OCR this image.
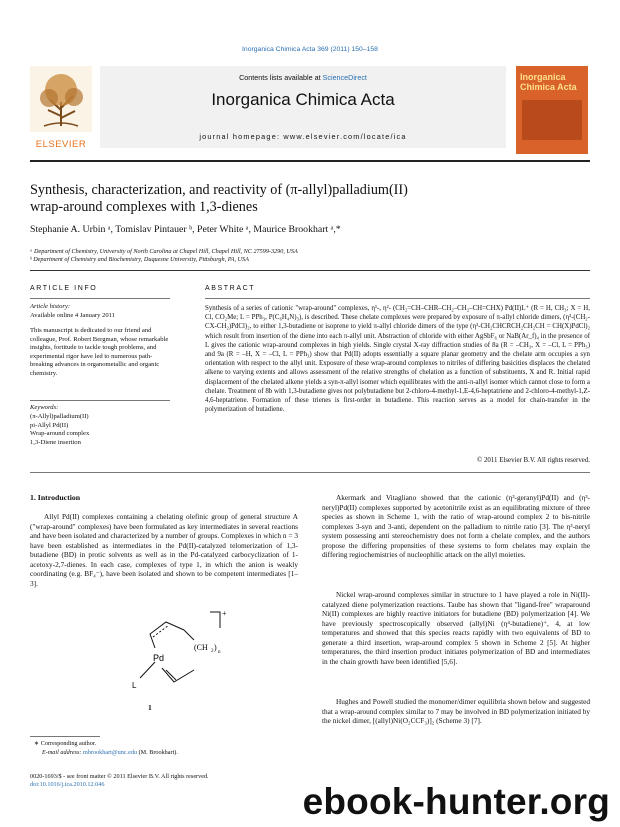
Inorganica Chimica Acta 369 (2011) 150–158
ELSEVIER
Contents lists available at ScienceDirect
Inorganica Chimica Acta
journal homepage: www.elsevier.com/locate/ica
Inorganica
Chimica Acta
Synthesis, characterization, and reactivity of (π-allyl)palladium(II)
wrap-around complexes with 1,3-dienes
Stephanie A. Urbin ᵃ, Tomislav Pintauer ᵇ, Peter White ᵃ, Maurice Brookhart ᵃ,*
ᵃ Department of Chemistry, University of North Carolina at Chapel Hill, Chapel Hill, NC 27599-3290, USA
ᵇ Department of Chemistry and Biochemistry, Duquesne University, Pittsburgh, PA, USA
ARTICLE INFO
Article history:
Available online 4 January 2011
This manuscript is dedicated to our friend and colleague, Prof. Robert Bergman, whose remarkable insights, fortitude to tackle tough problems, and experimental rigor have led to numerous path-breaking advances in organometallic and organic chemistry.
Keywords:
(π-Allyl)palladium(II)
pi-Allyl Pd(II)
Wrap-around complex
1,3-Diene insertion
ABSTRACT
Synthesis of a series of cationic "wrap-around" complexes, η¹-, η²- (CH₂=CH–CHR–CH₂–CH₂–CH=CHX) Pd(II)L⁺ (R = H, CH₃; X = H, Cl, CO₂Me; L = PPh₃, P(C₆H₄N)₃), is described. These chelate complexes were prepared by exposure of π-allyl chloride dimers, (η³-(CH₂-CX-CH₂)PdCl)₂, to either 1,3-butadiene or isoprene to yield π-allyl chloride dimers of the type (η³-CH₂CHCRCH₂CH₂CH = CH(X)PdCl)₂ which result from insertion of the diene into each π-allyl unit. Abstraction of chloride with either AgSbF₆ or NaB(Ar_f)₄ in the presence of L gives the cationic wrap-around complexes in high yields. Single crystal X-ray diffraction studies of 8a (R = –CH₃, X = –Cl, L = PPh₃) and 9a (R = –H, X = –Cl, L = PPh₃) show that Pd(II) adopts essentially a square planar geometry and the chelate arm occupies a syn orientation with respect to the allyl unit. Exposure of these wrap-around complexes to nitriles of differing basicities displaces the chelated alkene to varying extents and allows assessment of the relative strengths of chelation as a function of substituents, X and R. Initial rapid displacement of the chelated alkene yields a syn-π-allyl isomer which equilibrates with the anti-π-allyl isomer which cannot close to form a chelate. Treatment of 8b with 1,3-butadiene gives not polybutadiene but 2-chloro-4-methyl-1,E-4,6-heptatriene and 2-chloro-4-methyl-1,Z-4,6-heptatriene. Formation of these trienes is first-order in butadiene. This reaction serves as a model for chain-transfer in the polymerization of butadiene.
© 2011 Elsevier B.V. All rights reserved.
1. Introduction
Allyl Pd(II) complexes containing a chelating olefinic group of general structure A ("wrap-around" complexes) have been formulated as key intermediates in several reactions and have been isolated and characterized by a number of groups. Complexes in which n = 3 have been established as intermediates in the Pd(II)-catalyzed telomerization of 1,3-butadiene (BD) in protic solvents as well as in the Pd-catalyzed carbocyclization of 1-acetoxy-2,7-dienes. In each case, complexes of type 1, in which the anion is weakly coordinating (e.g. BF₄⁻), have been isolated and shown to be competent intermediates [1–3].
Pd
L
(CH 2 )
n
+
1
∗ Corresponding author.
E-mail address: mbrookhart@unc.edu (M. Brookhart).
0020-1693/$ - see front matter © 2011 Elsevier B.V. All rights reserved.
doi:10.1016/j.ica.2010.12.046
Akermark and Vitagliano showed that the cationic (η³-geranyl)Pd(II) and (η³-neryl)Pd(II) complexes supported by acetonitrile exist as an equilibrating mixture of three species as shown in Scheme 1, with the ratio of wrap-around complex 2 to bis-nitrile complexes 3-syn and 3-anti, dependent on the palladium to nitrile ratio [3]. The η³-neryl system possessing anti stereochemistry does not form a chelate complex, and the authors propose the differing propensities of these systems to form chelates may explain the differing regiochemistries of nucleophilic attack on the allyl moieties.
Nickel wrap-around complexes similar in structure to 1 have played a role in Ni(II)-catalyzed diene polymerization reactions. Taube has shown that "ligand-free" wraparound Ni(II) complexes are highly reactive initiators for butadiene (BD) polymerization [4]. We have previously spectroscopically observed (allyl)Ni (η⁴-butadiene)⁺, 4, at low temperatures and showed that this species reacts rapidly with two equivalents of BD to generate a third insertion, wrap-around complex 5 shown in Scheme 2 [5]. At higher temperatures, the third insertion product initiates polymerization of BD and intermediates in the chain growth have been identified [5,6].
Hughes and Powell studied the monomer/dimer equilibria shown below and suggested that a wrap-around complex similar to 7 may be involved in BD polymerization initiated by the nickel dimer, [(allyl)Ni(O₂CCF₃)]₂ (Scheme 3) [7].
ebook-hunter.org
